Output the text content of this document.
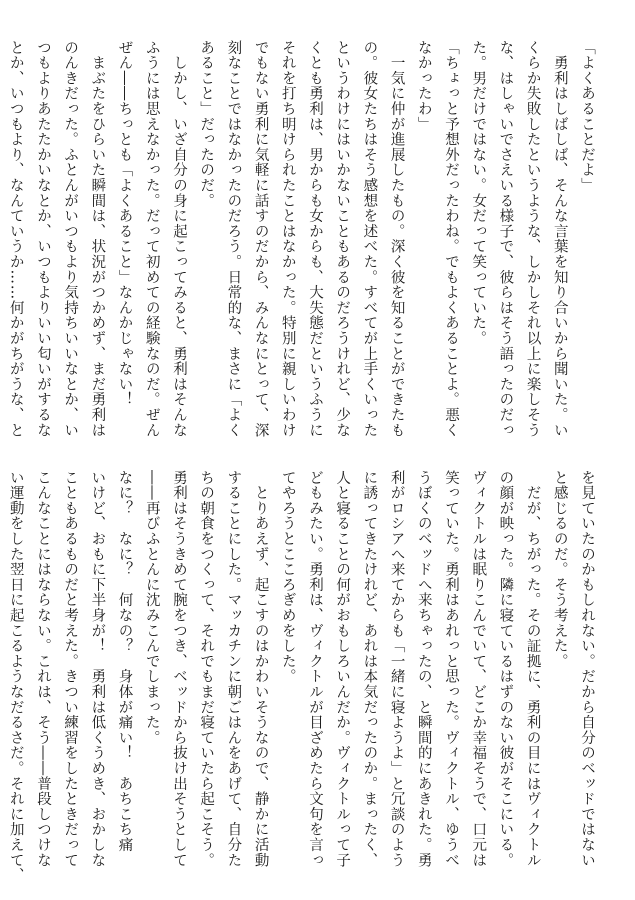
「よくあることだよ」
　勇利はしばしば、そんな言葉を知り合いから聞いた。い
くらか失敗したというような、しかしそれ以上に楽しそう
な、はしゃいでさえいる様子で、彼らはそう語ったのだっ
た。男だけではない。女だって笑っていた。
「ちょっと予想外だったわね。でもよくあることよ。悪く
なかったわ」
　一気に仲が進展したもの。深く彼を知ることができたも
の。彼女たちはそう感想を述べた。すべてが上手くいった
というわけにはいかないこともあるのだろうけれど、少な
くとも勇利は、男からも女からも、大失態だというふうに
それを打ち明けられたことはなかった。特別に親しいわけ
でもない勇利に気軽に話すのだから、みんなにとって、深
刻なことではなかったのだろう。日常的な、まさに「よく
あること」だったのだ。
　しかし、いざ自分の身に起こってみると、勇利はそんな
ふうには思えなかった。だって初めての経験なのだ。ぜん
ぜん――ちっとも「よくあること」なんかじゃない！
　まぶたをひらいた瞬間は、状況がつかめず、まだ勇利は
のんきだった。ふとんがいつもより気持ちいいなとか、い
つもよりあたたかいなとか、いつもよりいい匂いがするな
とか、いつもより、なんていうか……何かがちがうな、と
を見ていたのかもしれない。だから自分のベッドではない
と感じるのだ。そう考えた。
　だが、ちがった。その証拠に、勇利の目にはヴィクトル
の顔が映った。隣に寝ているはずのない彼がそこにいる。
ヴィクトルは眠りこんでいて、どこか幸福そうで、口元は
笑っていた。勇利はあれっと思った。ヴィクトル、ゆうべ
うぼくのベッドへ来ちゃったの、と瞬間的にあきれた。勇
利がロシアへ来てからも「一緒に寝ようよ」と冗談のよう
に誘ってきたけれど、あれは本気だったのか。まったく、
人と寝ることの何がおもしろいんだか。ヴィクトルって子
どもみたい。勇利は、ヴィクトルが目ざめたら文句を言っ
てやろうとこころぎめをした。
　とりあえず、起こすのはかわいそうなので、静かに活動
することにした。マッカチンに朝ごはんをあげて、自分た
ちの朝食をつくって、それでもまだ寝ていたら起こそう。
勇利はそうきめて腕をつき、ベッドから抜け出そうとして
――再びふとんに沈みこんでしまった。
なに？　なに？　何なの？　身体が痛い！　あちこち痛
いけど、おもに下半身が！　勇利は低くうめき、おかしな
こともあるものだと考えた。きつい練習をしたときだって
こんなことにはならない。これは、そう――普段しつけな
い運動をした翌日に起こるようなだるさだ。それに加えて、
